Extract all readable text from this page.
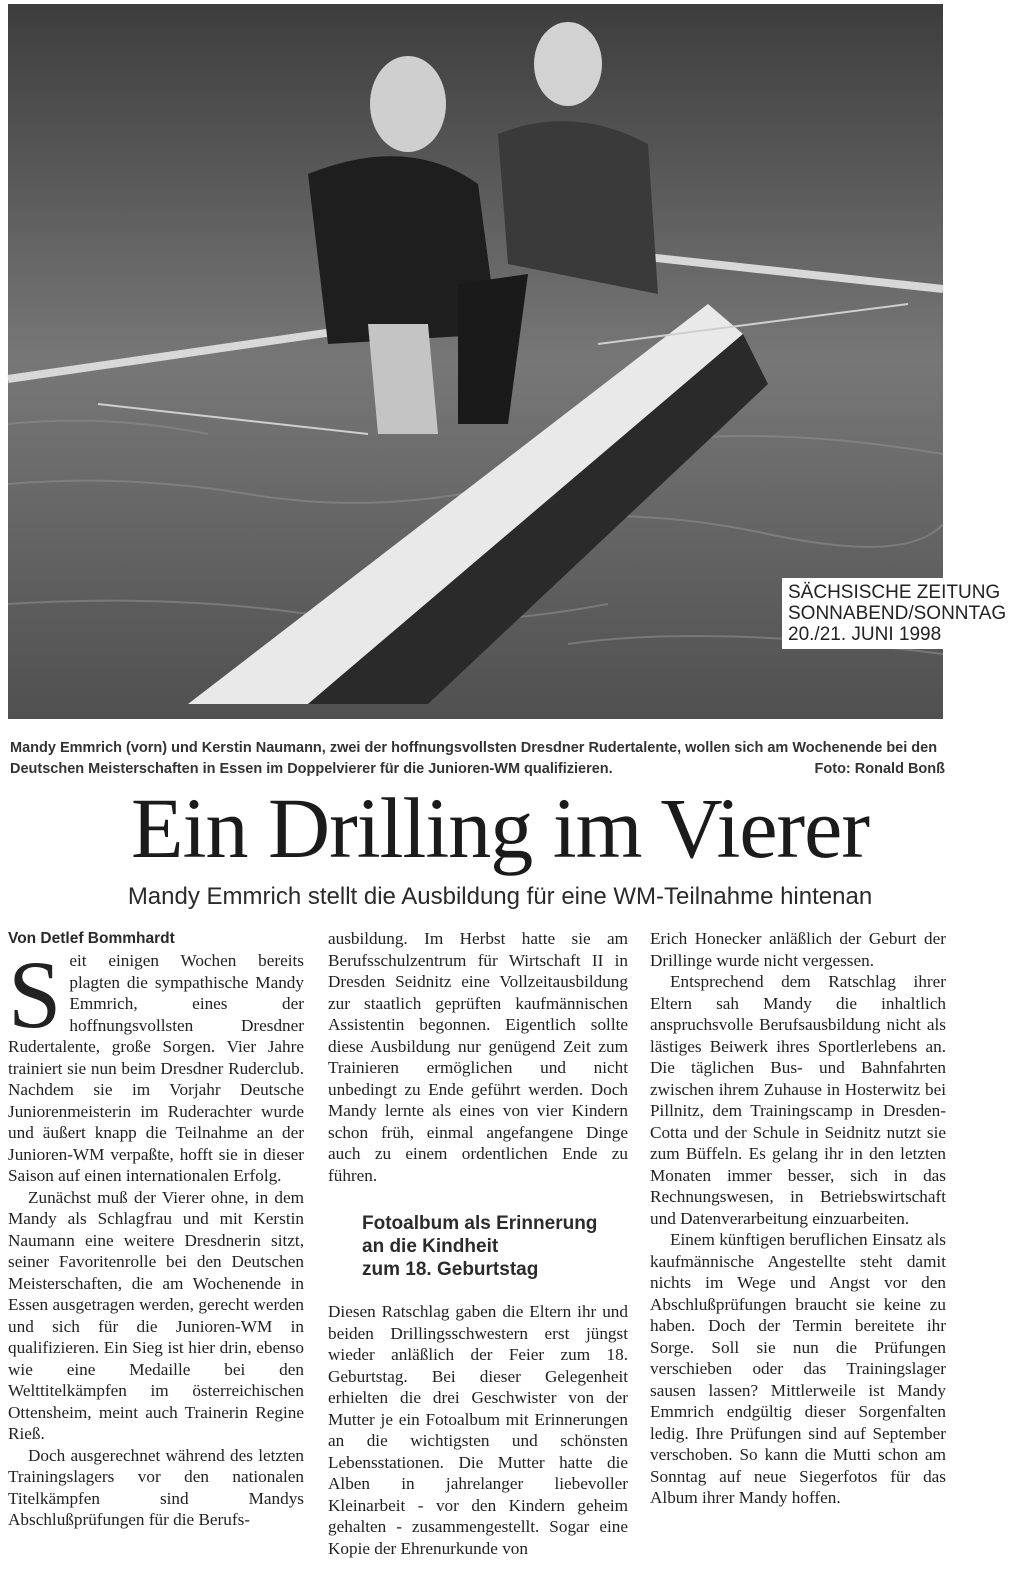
SÄCHSISCHE ZEITUNG
SONNABEND/SONNTAG
20./21. JUNI 1998
Mandy Emmrich (vorn) und Kerstin Naumann, zwei der hoffnungsvollsten Dresdner Rudertalente, wollen sich am Wochenende bei den Deutschen Meisterschaften in Essen im Doppelvierer für die Junioren-WM qualifizieren.	Foto: Ronald Bonß
Ein Drilling im Vierer
Mandy Emmrich stellt die Ausbildung für eine WM-Teilnahme hintenan

Von Detlef Bommhardt

Seit einigen Wochen bereits plagten die sympathische Mandy Emmrich, eines der hoffnungsvollsten Dresdner Rudertalente, große Sorgen. Vier Jahre trainiert sie nun beim Dresdner Ruderclub. Nachdem sie im Vorjahr Deutsche Juniorenmeisterin im Ruderachter wurde und äußert knapp die Teilnahme an der Junioren-WM verpaßte, hofft sie in dieser Saison auf einen internationalen Erfolg.

Zunächst muß der Vierer ohne, in dem Mandy als Schlagfrau und mit Kerstin Naumann eine weitere Dresdnerin sitzt, seiner Favoritenrolle bei den Deutschen Meisterschaften, die am Wochenende in Essen ausgetragen werden, gerecht werden und sich für die Junioren-WM in qualifizieren. Ein Sieg ist hier drin, ebenso wie eine Medaille bei den Welttitelkämpfen im österreichischen Ottensheim, meint auch Trainerin Regine Rieß.

Doch ausgerechnet während des letzten Trainingslagers vor den nationalen Titelkämpfen sind Mandys Abschlußprüfungen für die Berufs-

ausbildung. Im Herbst hatte sie am Berufsschulzentrum für Wirtschaft II in Dresden Seidnitz eine Vollzeitausbildung zur staatlich geprüften kaufmännischen Assistentin begonnen. Eigentlich sollte diese Ausbildung nur genügend Zeit zum Trainieren ermöglichen und nicht unbedingt zu Ende geführt werden. Doch Mandy lernte als eines von vier Kindern schon früh, einmal angefangene Dinge auch zu einem ordentlichen Ende zu führen.

Fotoalbum als Erinnerung
an die Kindheit
zum 18. Geburtstag

Diesen Ratschlag gaben die Eltern ihr und beiden Drillingsschwestern erst jüngst wieder anläßlich der Feier zum 18. Geburtstag. Bei dieser Gelegenheit erhielten die drei Geschwister von der Mutter je ein Fotoalbum mit Erinnerungen an die wichtigsten und schönsten Lebensstationen. Die Mutter hatte die Alben in jahrelanger liebevoller Kleinarbeit - vor den Kindern geheim gehalten - zusammengestellt. Sogar eine Kopie der Ehrenurkunde von

Erich Honecker anläßlich der Geburt der Drillinge wurde nicht vergessen.

Entsprechend dem Ratschlag ihrer Eltern sah Mandy die inhaltlich anspruchsvolle Berufsausbildung nicht als lästiges Beiwerk ihres Sportlerlebens an. Die täglichen Bus- und Bahnfahrten zwischen ihrem Zuhause in Hosterwitz bei Pillnitz, dem Trainingscamp in Dresden-Cotta und der Schule in Seidnitz nutzt sie zum Büffeln. Es gelang ihr in den letzten Monaten immer besser, sich in das Rechnungswesen, in Betriebswirtschaft und Datenverarbeitung einzuarbeiten.

Einem künftigen beruflichen Einsatz als kaufmännische Angestellte steht damit nichts im Wege und Angst vor den Abschlußprüfungen braucht sie keine zu haben. Doch der Termin bereitete ihr Sorge. Soll sie nun die Prüfungen verschieben oder das Trainingslager sausen lassen? Mittlerweile ist Mandy Emmrich endgültig dieser Sorgenfalten ledig. Ihre Prüfungen sind auf September verschoben. So kann die Mutti schon am Sonntag auf neue Siegerfotos für das Album ihrer Mandy hoffen.
